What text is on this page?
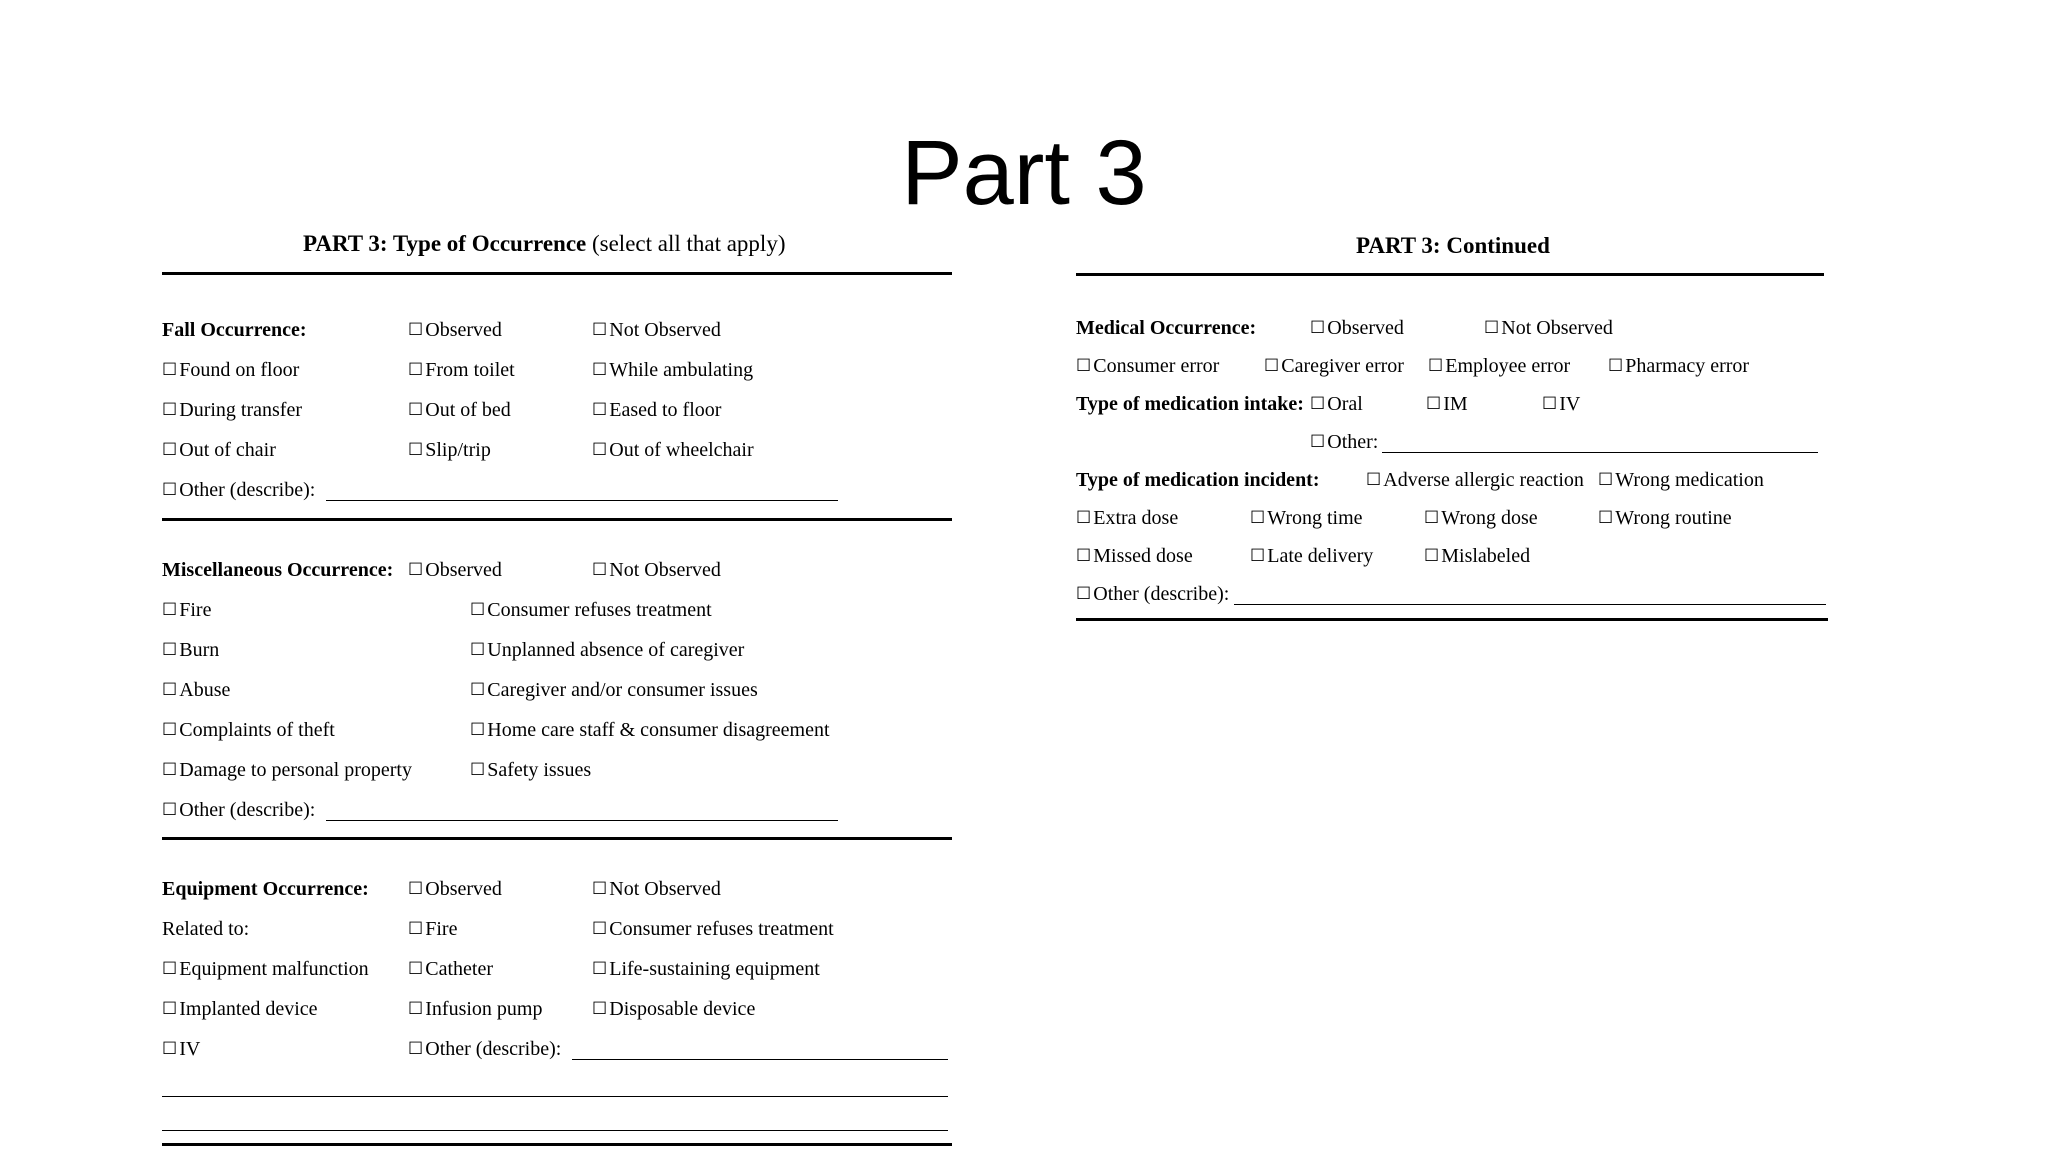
Part 3
PART 3: Type of Occurrence (select all that apply)
Fall Occurrence:	☐ Observed	☐ Not Observed
☐ Found on floor	☐ From toilet	☐ While ambulating
☐ During transfer	☐ Out of bed	☐ Eased to floor
☐ Out of chair	☐ Slip/trip	☐ Out of wheelchair
☐ Other (describe):
Miscellaneous Occurrence: ☐ Observed	☐ Not Observed
☐ Fire	☐ Consumer refuses treatment
☐ Burn	☐ Unplanned absence of caregiver
☐ Abuse	☐ Caregiver and/or consumer issues
☐ Complaints of theft	☐ Home care staff & consumer disagreement
☐ Damage to personal property	☐ Safety issues
☐ Other (describe):
Equipment Occurrence: ☐ Observed	☐ Not Observed
Related to:	☐ Fire	☐ Consumer refuses treatment
☐ Equipment malfunction ☐ Catheter	☐ Life-sustaining equipment
☐ Implanted device	☐ Infusion pump	☐ Disposable device
☐ IV	☐ Other (describe):
PART 3: Continued
Medical Occurrence:	☐ Observed	☐ Not Observed
☐ Consumer error	☐ Caregiver error ☐ Employee error ☐ Pharmacy error
Type of medication intake: ☐ Oral	☐ IM	☐ IV
☐ Other:
Type of medication incident:	☐ Adverse allergic reaction ☐ Wrong medication
☐ Extra dose	☐ Wrong time	☐ Wrong dose	☐ Wrong routine
☐ Missed dose	☐ Late delivery	☐ Mislabeled
☐ Other (describe):
